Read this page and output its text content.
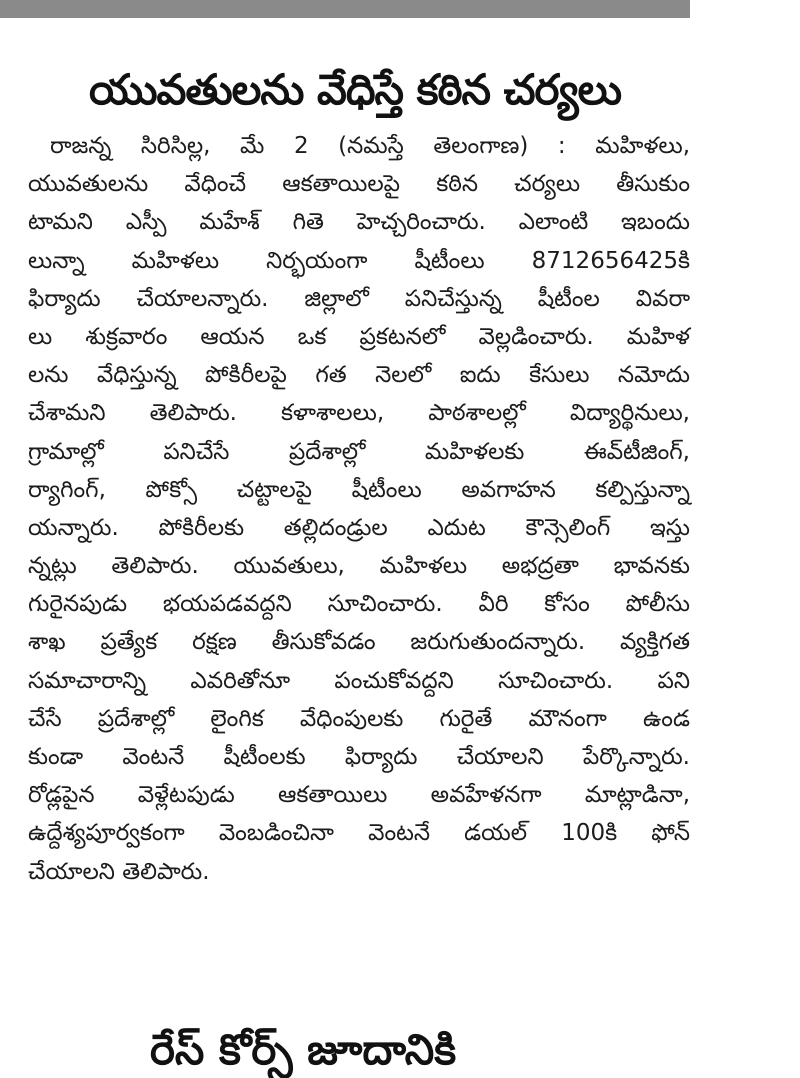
యువతులను వేధిస్తే కఠిన చర్యలు
రాజన్న సిరిసిల్ల, మే 2 (నమస్తే తెలంగాణ) : మహిళలు,
యువతులను వేధించే ఆకతాయిలపై కఠిన చర్యలు తీసుకుం
టామని ఎస్పీ మహేశ్ గితె హెచ్చరించారు. ఎలాంటి ఇబందు
లున్నా మహిళలు నిర్భయంగా షీటీంలు 8712656425కి
ఫిర్యాదు చేయాలన్నారు. జిల్లాలో పనిచేస్తున్న షీటీంల వివరా
లు శుక్రవారం ఆయన ఒక ప్రకటనలో వెల్లడించారు. మహిళ
లను వేధిస్తున్న పోకిరీలపై గత నెలలో ఐదు కేసులు నమోదు
చేశామని తెలిపారు. కళాశాలలు, పాఠశాలల్లో విద్యార్థినులు,
గ్రామాల్లో పనిచేసే ప్రదేశాల్లో మహిళలకు ఈవ్‌టీజింగ్,
ర్యాగింగ్, పోక్సో చట్టాలపై షీటీంలు అవగాహన కల్పిస్తున్నా
యన్నారు. పోకిరీలకు తల్లిదండ్రుల ఎదుట కౌన్సెలింగ్ ఇస్తు
న్నట్లు తెలిపారు. యువతులు, మహిళలు అభద్రతా భావనకు
గురైనపుడు భయపడవద్దని సూచించారు. వీరి కోసం పోలీసు
శాఖ ప్రత్యేక రక్షణ తీసుకోవడం జరుగుతుందన్నారు. వ్యక్తిగత
సమాచారాన్ని ఎవరితోనూ పంచుకోవద్దని సూచించారు. పని
చేసే ప్రదేశాల్లో లైంగిక వేధింపులకు గురైతే మౌనంగా ఉండ
కుండా వెంటనే షీటీంలకు ఫిర్యాదు చేయాలని పేర్కొన్నారు.
రోడ్లపైన వెళ్లేటపుడు ఆకతాయిలు అవహేళనగా మాట్లాడినా,
ఉద్దేశ్యపూర్వకంగా వెంబడించినా వెంటనే డయల్ 100కి ఫోన్
చేయాలని తెలిపారు.
రేస్ కోర్స్ జూదానికి
